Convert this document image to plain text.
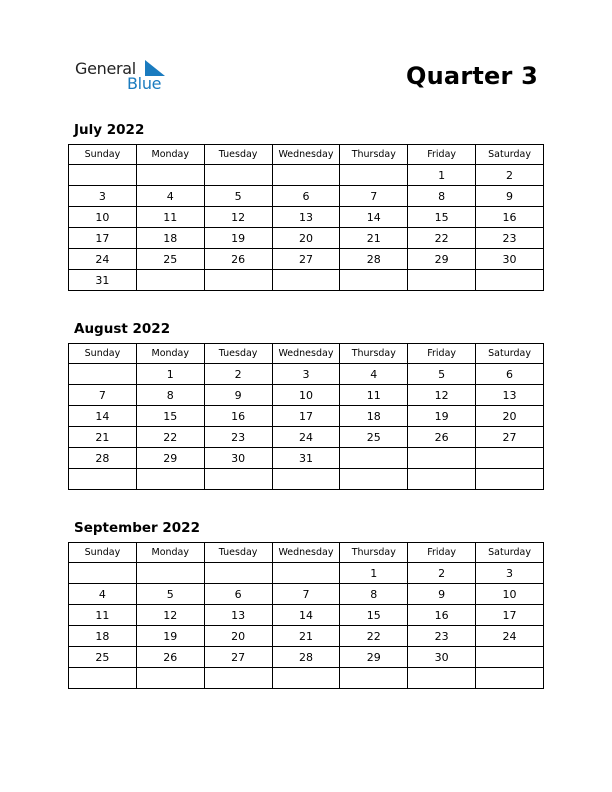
General
Blue	Quarter 3
July 2022
Sunday	Monday	Tuesday	Wednesday	Thursday	Friday	Saturday
					1	2
3	4	5	6	7	8	9
10	11	12	13	14	15	16
17	18	19	20	21	22	23
24	25	26	27	28	29	30
31						
August 2022
Sunday	Monday	Tuesday	Wednesday	Thursday	Friday	Saturday
	1	2	3	4	5	6
7	8	9	10	11	12	13
14	15	16	17	18	19	20
21	22	23	24	25	26	27
28	29	30	31			

September 2022
Sunday	Monday	Tuesday	Wednesday	Thursday	Friday	Saturday
				1	2	3
4	5	6	7	8	9	10
11	12	13	14	15	16	17
18	19	20	21	22	23	24
25	26	27	28	29	30	
